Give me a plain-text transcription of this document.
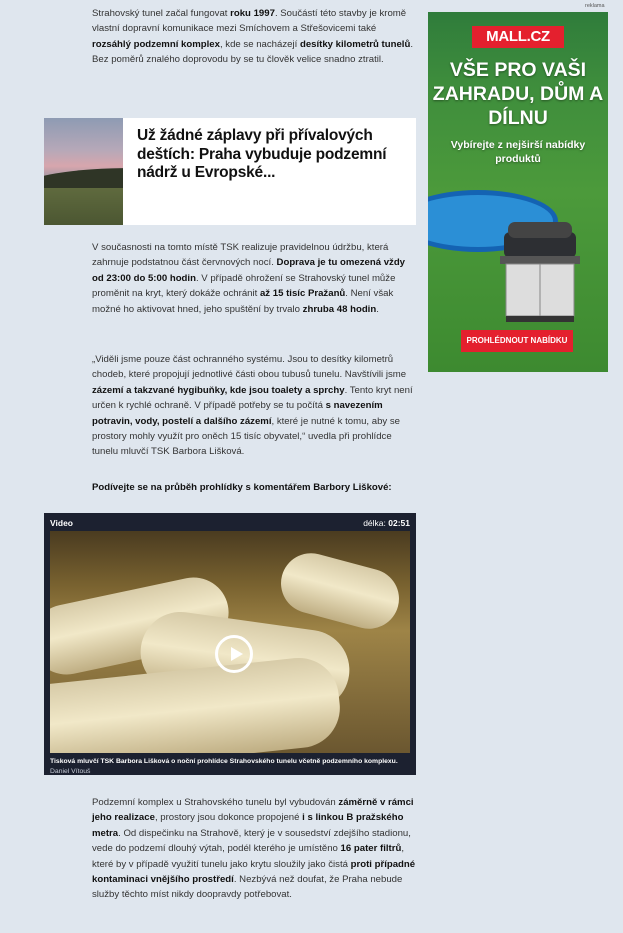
Strahovský tunel začal fungovat roku 1997. Součástí této stavby je kromě vlastní dopravní komunikace mezi Smíchovem a Střešovicemi také rozsáhlý podzemní komplex, kde se nacházejí desítky kilometrů tunelů. Bez poměrů znalého doprovodu by se tu člověk velice snadno ztratil.

Už žádné záplavy při přívalových deštích: Praha vybuduje podzemní nádrž u Evropské...

V současnosti na tomto místě TSK realizuje pravidelnou údržbu, která zahrnuje podstatnou část červnových nocí. Doprava je tu omezená vždy od 23:00 do 5:00 hodin. V případě ohrožení se Strahovský tunel může proměnit na kryt, který dokáže ochránit až 15 tisíc Pražanů. Není však možné ho aktivovat hned, jeho spuštění by trvalo zhruba 48 hodin.

„Viděli jsme pouze část ochranného systému. Jsou to desítky kilometrů chodeb, které propojují jednotlivé části obou tubusů tunelu. Navštívili jsme zázemí a takzvané hygibuňky, kde jsou toalety a sprchy. Tento kryt není určen k rychlé ochraně. V případě potřeby se tu počítá s navezením potravin, vody, postelí a dalšího zázemí, které je nutné k tomu, aby se prostory mohly využít pro oněch 15 tisíc obyvatel,“ uvedla při prohlídce tunelu mluvčí TSK Barbora Lišková.

Podívejte se na průběh prohlídky s komentářem Barbory Liškové:

Video	délka: 02:51
Tisková mluvčí TSK Barbora Lišková o noční prohlídce Strahovského tunelu včetně podzemního komplexu. Daniel Vítouš

Podzemní komplex u Strahovského tunelu byl vybudován záměrně v rámci jeho realizace, prostory jsou dokonce propojené i s linkou B pražského metra. Od dispečinku na Strahově, který je v sousedství zdejšího stadionu, vede do podzemí dlouhý výtah, podél kterého je umístěno 16 pater filtrů, které by v případě využití tunelu jako krytu sloužily jako čistá proti případné kontaminaci vnějšího prostředí. Nezbývá než doufat, že Praha nebude služby těchto míst nikdy doopravdy potřebovat.

reklama
MALL.CZ
VŠE PRO VAŠI ZAHRADU, DŮM A DÍLNU
Vybírejte z nejširší nabídky produktů
PROHLÉDNOUT NABÍDKU
